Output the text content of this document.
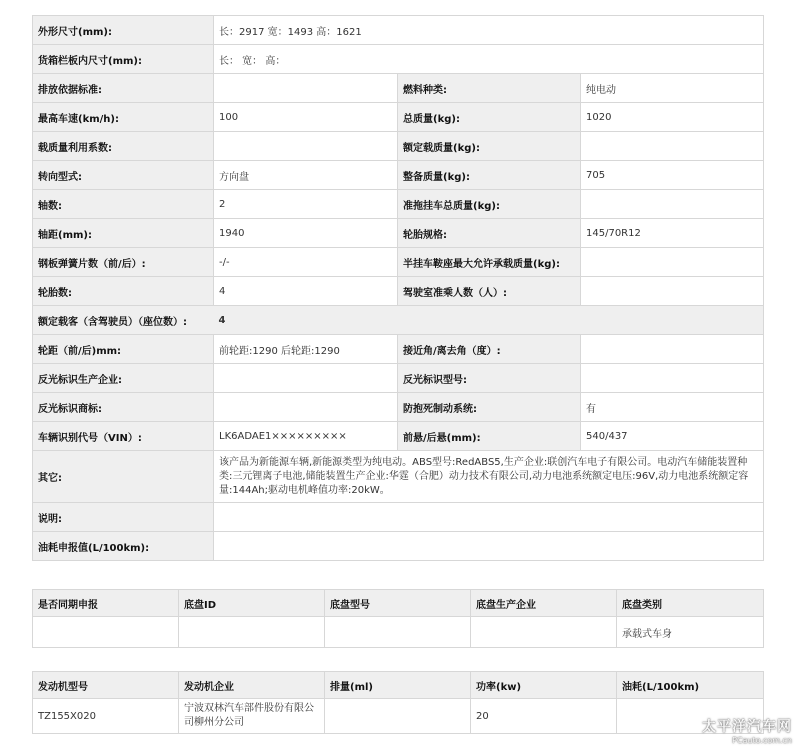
外形尺寸(mm):	长：2917 宽：1493 高：1621		
货箱栏板内尺寸(mm):	长： 宽： 高：		
排放依据标准:		燃料种类:	纯电动
最高车速(km/h):	100	总质量(kg):	1020
载质量利用系数:		额定载质量(kg):	
转向型式:	方向盘	整备质量(kg):	705
轴数:	2	准拖挂车总质量(kg):	
轴距(mm):	1940	轮胎规格:	145/70R12
钢板弹簧片数（前/后）:	-/-	半挂车鞍座最大允许承载质量(kg):	
轮胎数:	4	驾驶室准乘人数（人）:	
额定载客（含驾驶员）（座位数）:	4		
轮距（前/后)mm:	前轮距:1290 后轮距:1290	接近角/离去角（度）:	
反光标识生产企业:		反光标识型号:	
反光标识商标:		防抱死制动系统:	有
车辆识别代号（VIN）:	LK6ADAE1×××××××××	前悬/后悬(mm):	540/437
其它:	该产品为新能源车辆,新能源类型为纯电动。ABS型号:RedABS5,生产企业:联创汽车电子有限公司。电动汽车储能装置种类:三元锂离子电池,储能装置生产企业:华霆（合肥）动力技术有限公司,动力电池系统额定电压:96V,动力电池系统额定容量:144Ah;驱动电机峰值功率:20kW。		
说明:			
油耗申报值(L/100km):			
是否同期申报	底盘ID	底盘型号	底盘生产企业	底盘类别
				承载式车身
发动机型号	发动机企业	排量(ml)	功率(kw)	油耗(L/100km)
TZ155X020	宁波双林汽车部件股份有限公司柳州分公司		20	
太平洋汽车网
PCauto.com.cn
